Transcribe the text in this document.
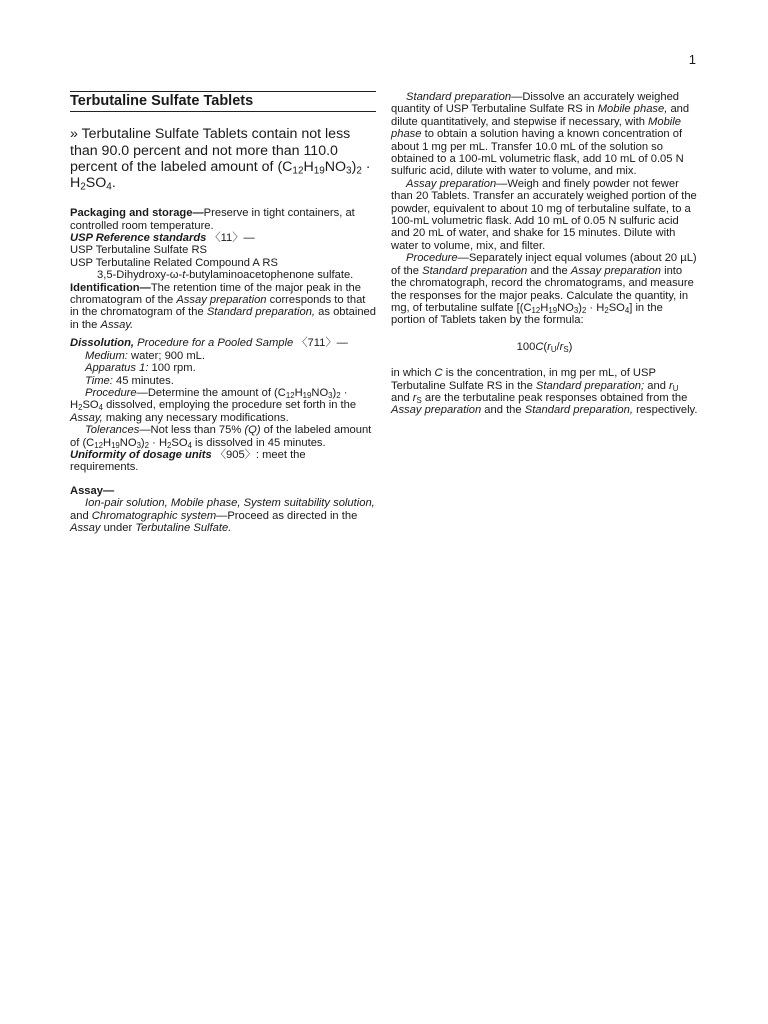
1
Terbutaline Sulfate Tablets

» Terbutaline Sulfate Tablets contain not less than 90.0 percent and not more than 110.0 percent of the labeled amount of $(C_{12}H_{19}NO_3)_2 \cdot H_2SO_4$.

Packaging and storage—Preserve in tight containers, at controlled room temperature.

USP Reference standards 〈11〉—

USP Terbutaline Sulfate RS

USP Terbutaline Related Compound A RS

3,5-Dihydroxy-ω-t-butylaminoacetophenone sulfate.

Identification—The retention time of the major peak in the chromatogram of the Assay preparation corresponds to that in the chromatogram of the Standard preparation, as obtained in the Assay.

Dissolution, Procedure for a Pooled Sample 〈711〉—

Medium: water; 900 mL.

Apparatus 1: 100 rpm.

Time: 45 minutes.

Procedure—Determine the amount of $(C_{12}H_{19}NO_3)_2 \cdot H_2SO_4$ dissolved, employing the procedure set forth in the Assay, making any necessary modifications.

Tolerances—Not less than 75% (Q) of the labeled amount of $(C_{12}H_{19}NO_3)_2 \cdot H_2SO_4$ is dissolved in 45 minutes.

Uniformity of dosage units 〈905〉: meet the requirements.

Assay—

Ion-pair solution, Mobile phase, System suitability solution, and Chromatographic system—Proceed as directed in the Assay under Terbutaline Sulfate.

Standard preparation—Dissolve an accurately weighed quantity of USP Terbutaline Sulfate RS in Mobile phase, and dilute quantitatively, and stepwise if necessary, with Mobile phase to obtain a solution having a known concentration of about 1 mg per mL. Transfer 10.0 mL of the solution so obtained to a 100-mL volumetric flask, add 10 mL of 0.05 N sulfuric acid, dilute with water to volume, and mix.

Assay preparation—Weigh and finely powder not fewer than 20 Tablets. Transfer an accurately weighed portion of the powder, equivalent to about 10 mg of terbutaline sulfate, to a 100-mL volumetric flask. Add 10 mL of 0.05 N sulfuric acid and 20 mL of water, and shake for 15 minutes. Dilute with water to volume, mix, and filter.

Procedure—Separately inject equal volumes (about 20 µL) of the Standard preparation and the Assay preparation into the chromatograph, record the chromatograms, and measure the responses for the major peaks. Calculate the quantity, in mg, of terbutaline sulfate $[(C_{12}H_{19}NO_3)_2 \cdot H_2SO_4]$ in the portion of Tablets taken by the formula:

$100C(r_U/r_S)$

in which C is the concentration, in mg per mL, of USP Terbutaline Sulfate RS in the Standard preparation; and $r_U$ and $r_S$ are the terbutaline peak responses obtained from the Assay preparation and the Standard preparation, respectively.
